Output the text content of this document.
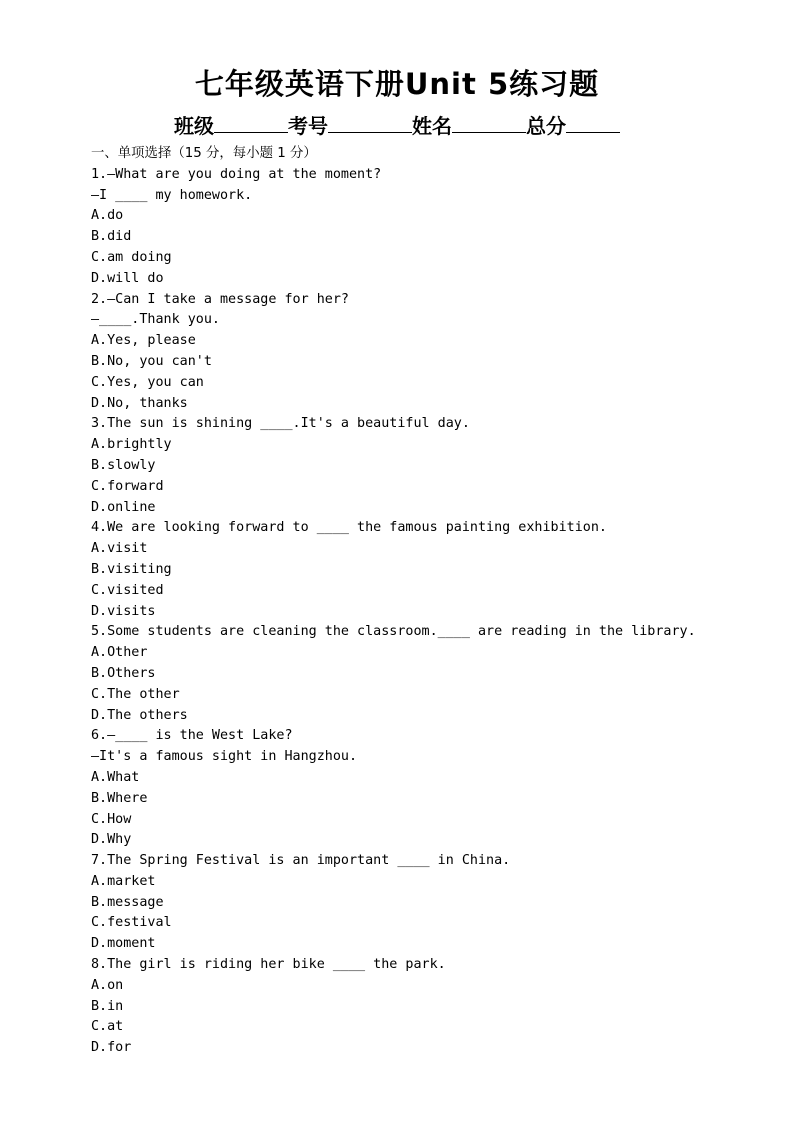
七年级英语下册Unit 5练习题
班级	考号	姓名	总分
一、单项选择（15 分，每小题 1 分）
1.—What are you doing at the moment?
—I ____ my homework.
A.do
B.did
C.am doing
D.will do
2.—Can I take a message for her?
—____.Thank you.
A.Yes, please
B.No, you can't
C.Yes, you can
D.No, thanks
3.The sun is shining ____.It's a beautiful day.
A.brightly
B.slowly
C.forward
D.online
4.We are looking forward to ____ the famous painting exhibition.
A.visit
B.visiting
C.visited
D.visits
5.Some students are cleaning the classroom.____ are reading in the library.
A.Other
B.Others
C.The other
D.The others
6.—____ is the West Lake?
—It's a famous sight in Hangzhou.
A.What
B.Where
C.How
D.Why
7.The Spring Festival is an important ____ in China.
A.market
B.message
C.festival
D.moment
8.The girl is riding her bike ____ the park.
A.on
B.in
C.at
D.for
